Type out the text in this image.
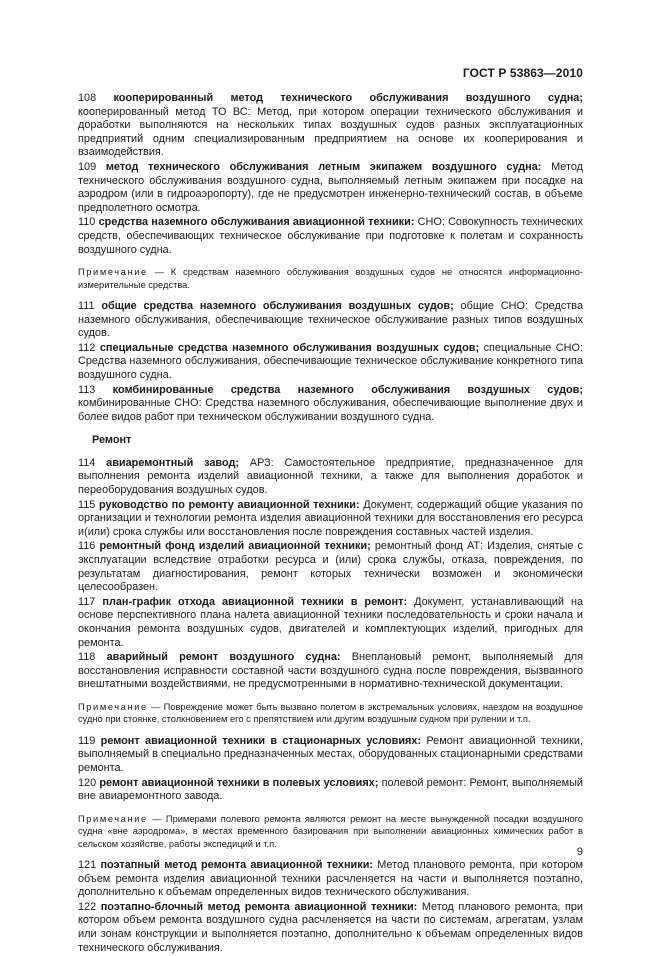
ГОСТ Р 53863—2010

108 кооперированный метод технического обслуживания воздушного судна; кооперированный метод ТО ВС: Метод, при котором операции технического обслуживания и доработки выполняются на нескольких типах воздушных судов разных эксплуатационных предприятий одним специализированным предприятием на основе их кооперирования и взаимодействия.

109 метод технического обслуживания летным экипажем воздушного судна: Метод технического обслуживания воздушного судна, выполняемый летным экипажем при посадке на аэродром (или в гидроаэропорту), где не предусмотрен инженерно-технический состав, в объеме предполетного осмотра.

110 средства наземного обслуживания авиационной техники: СНО: Совокупность технических средств, обеспечивающих техническое обслуживание при подготовке к полетам и сохранность воздушного судна.

Примечание — К средствам наземного обслуживания воздушных судов не относятся информационно-измерительные средства.

111 общие средства наземного обслуживания воздушных судов; общие СНО: Средства наземного обслуживания, обеспечивающие техническое обслуживание разных типов воздушных судов.

112 специальные средства наземного обслуживания воздушных судов; специальные СНО: Средства наземного обслуживания, обеспечивающие техническое обслуживание конкретного типа воздушного судна.

113 комбинированные средства наземного обслуживания воздушных судов; комбинированные СНО: Средства наземного обслуживания, обеспечивающие выполнение двух и более видов работ при техническом обслуживании воздушного судна.

Ремонт

114 авиаремонтный завод; АРЗ: Самостоятельное предприятие, предназначенное для выполнения ремонта изделий авиационной техники, а также для выполнения доработок и переоборудования воздушных судов.

115 руководство по ремонту авиационной техники: Документ, содержащий общие указания по организации и технологии ремонта изделия авиационной техники для восстановления его ресурса и(или) срока службы или восстановления после повреждения составных частей изделия.

116 ремонтный фонд изделий авиационной техники; ремонтный фонд АТ: Изделия, снятые с эксплуатации вследствие отработки ресурса и (или) срока службы, отказа, повреждения, по результатам диагностирования, ремонт которых технически возможен и экономически целесообразен.

117 план-график отхода авиационной техники в ремонт: Документ, устанавливающий на основе перспективного плана налета авиационной техники последовательность и сроки начала и окончания ремонта воздушных судов, двигателей и комплектующих изделий, пригодных для ремонта.

118 аварийный ремонт воздушного судна: Внеплановый ремонт, выполняемый для восстановления исправности составной части воздушного судна после повреждения, вызванного внештатными воздействиями, не предусмотренными в нормативно-технической документации.

Примечание — Повреждение может быть вызвано полетом в экстремальных условиях, наездом на воздушное судно при стоянке, столкновением его с препятствием или другим воздушным судном при рулении и т.п.

119 ремонт авиационной техники в стационарных условиях: Ремонт авиационной техники, выполняемый в специально предназначенных местах, оборудованных стационарными средствами ремонта.

120 ремонт авиационной техники в полевых условиях; полевой ремонт: Ремонт, выполняемый вне авиаремонтного завода.

Примечание — Примерами полевого ремонта являются ремонт на месте вынужденной посадки воздушного судна «вне аэродрома», в местах временного базирования при выполнении авиационных химических работ в сельском хозяйстве, работы экспедиций и т.п.

121 поэтапный метод ремонта авиационной техники: Метод планового ремонта, при котором объем ремонта изделия авиационной техники расчленяется на части и выполняется поэтапно, дополнительно к объемам определенных видов технического обслуживания.

122 поэтапно-блочный метод ремонта авиационной техники: Метод планового ремонта, при котором объем ремонта воздушного судна расчленяется на части по системам, агрегатам, узлам или зонам конструкции и выполняется поэтапно, дополнительно к объемам определенных видов технического обслуживания.

9
